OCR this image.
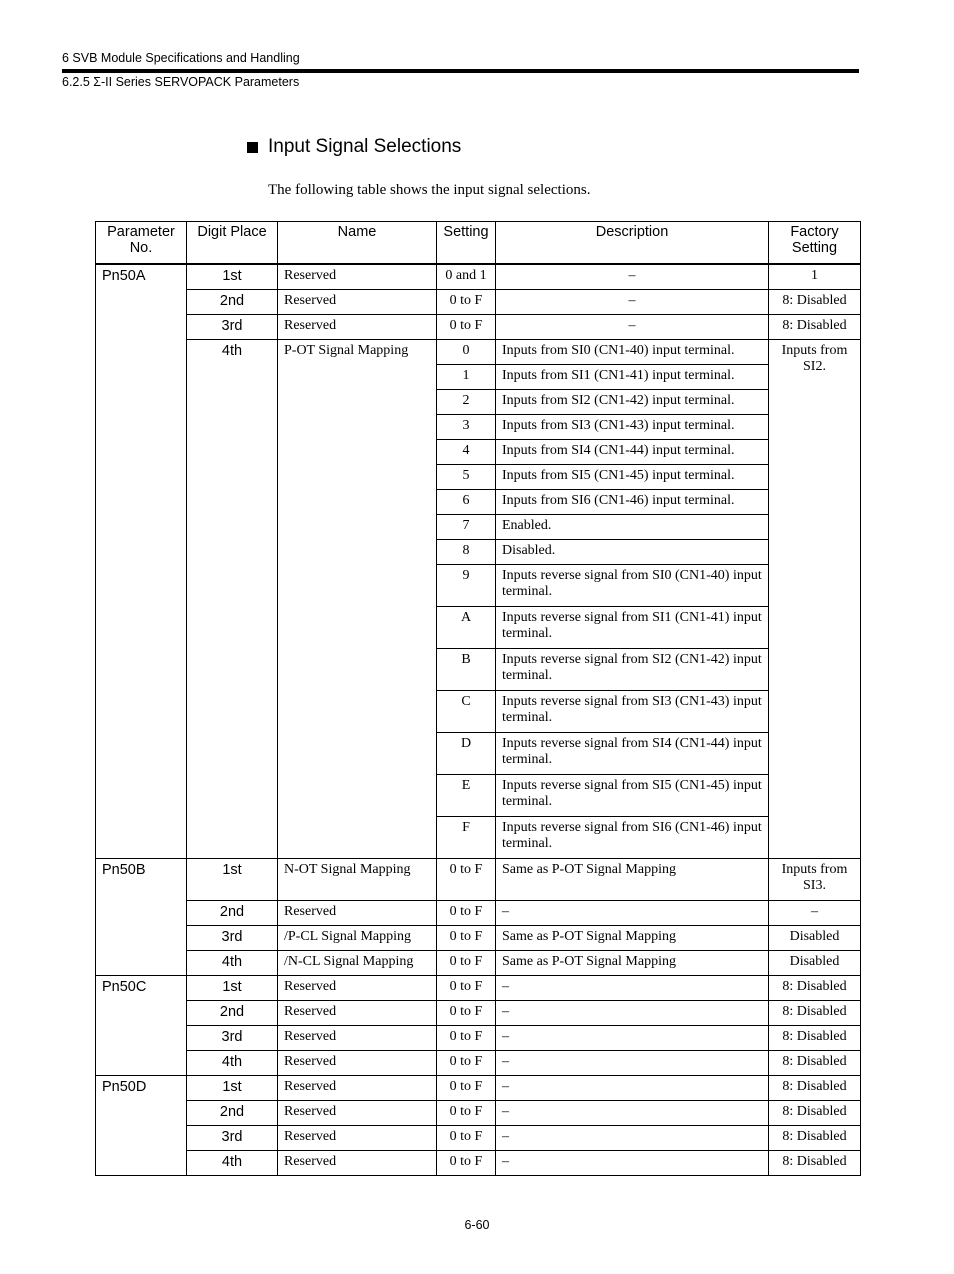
6 SVB Module Specifications and Handling
6.2.5 Σ-II Series SERVOPACK Parameters
Input Signal Selections
The following table shows the input signal selections.
Parameter No.	Digit Place	Name	Setting	Description	Factory Setting
Pn50A	1st	Reserved	0 and 1	–	1
	2nd	Reserved	0 to F	–	8: Disabled
	3rd	Reserved	0 to F	–	8: Disabled
	4th	P-OT Signal Mapping	0	Inputs from SI0 (CN1-40) input terminal.	Inputs from SI2.
			1	Inputs from SI1 (CN1-41) input terminal.	
			2	Inputs from SI2 (CN1-42) input terminal.	
			3	Inputs from SI3 (CN1-43) input terminal.	
			4	Inputs from SI4 (CN1-44) input terminal.	
			5	Inputs from SI5 (CN1-45) input terminal.	
			6	Inputs from SI6 (CN1-46) input terminal.	
			7	Enabled.	
			8	Disabled.	
			9	Inputs reverse signal from SI0 (CN1-40) input terminal.	
			A	Inputs reverse signal from SI1 (CN1-41) input terminal.	
			B	Inputs reverse signal from SI2 (CN1-42) input terminal.	
			C	Inputs reverse signal from SI3 (CN1-43) input terminal.	
			D	Inputs reverse signal from SI4 (CN1-44) input terminal.	
			E	Inputs reverse signal from SI5 (CN1-45) input terminal.	
			F	Inputs reverse signal from SI6 (CN1-46) input terminal.	
Pn50B	1st	N-OT Signal Mapping	0 to F	Same as P-OT Signal Mapping	Inputs from SI3.
	2nd	Reserved	0 to F	–	–
	3rd	/P-CL Signal Mapping	0 to F	Same as P-OT Signal Mapping	Disabled
	4th	/N-CL Signal Mapping	0 to F	Same as P-OT Signal Mapping	Disabled
Pn50C	1st	Reserved	0 to F	–	8: Disabled
	2nd	Reserved	0 to F	–	8: Disabled
	3rd	Reserved	0 to F	–	8: Disabled
	4th	Reserved	0 to F	–	8: Disabled
Pn50D	1st	Reserved	0 to F	–	8: Disabled
	2nd	Reserved	0 to F	–	8: Disabled
	3rd	Reserved	0 to F	–	8: Disabled
	4th	Reserved	0 to F	–	8: Disabled
6-60
